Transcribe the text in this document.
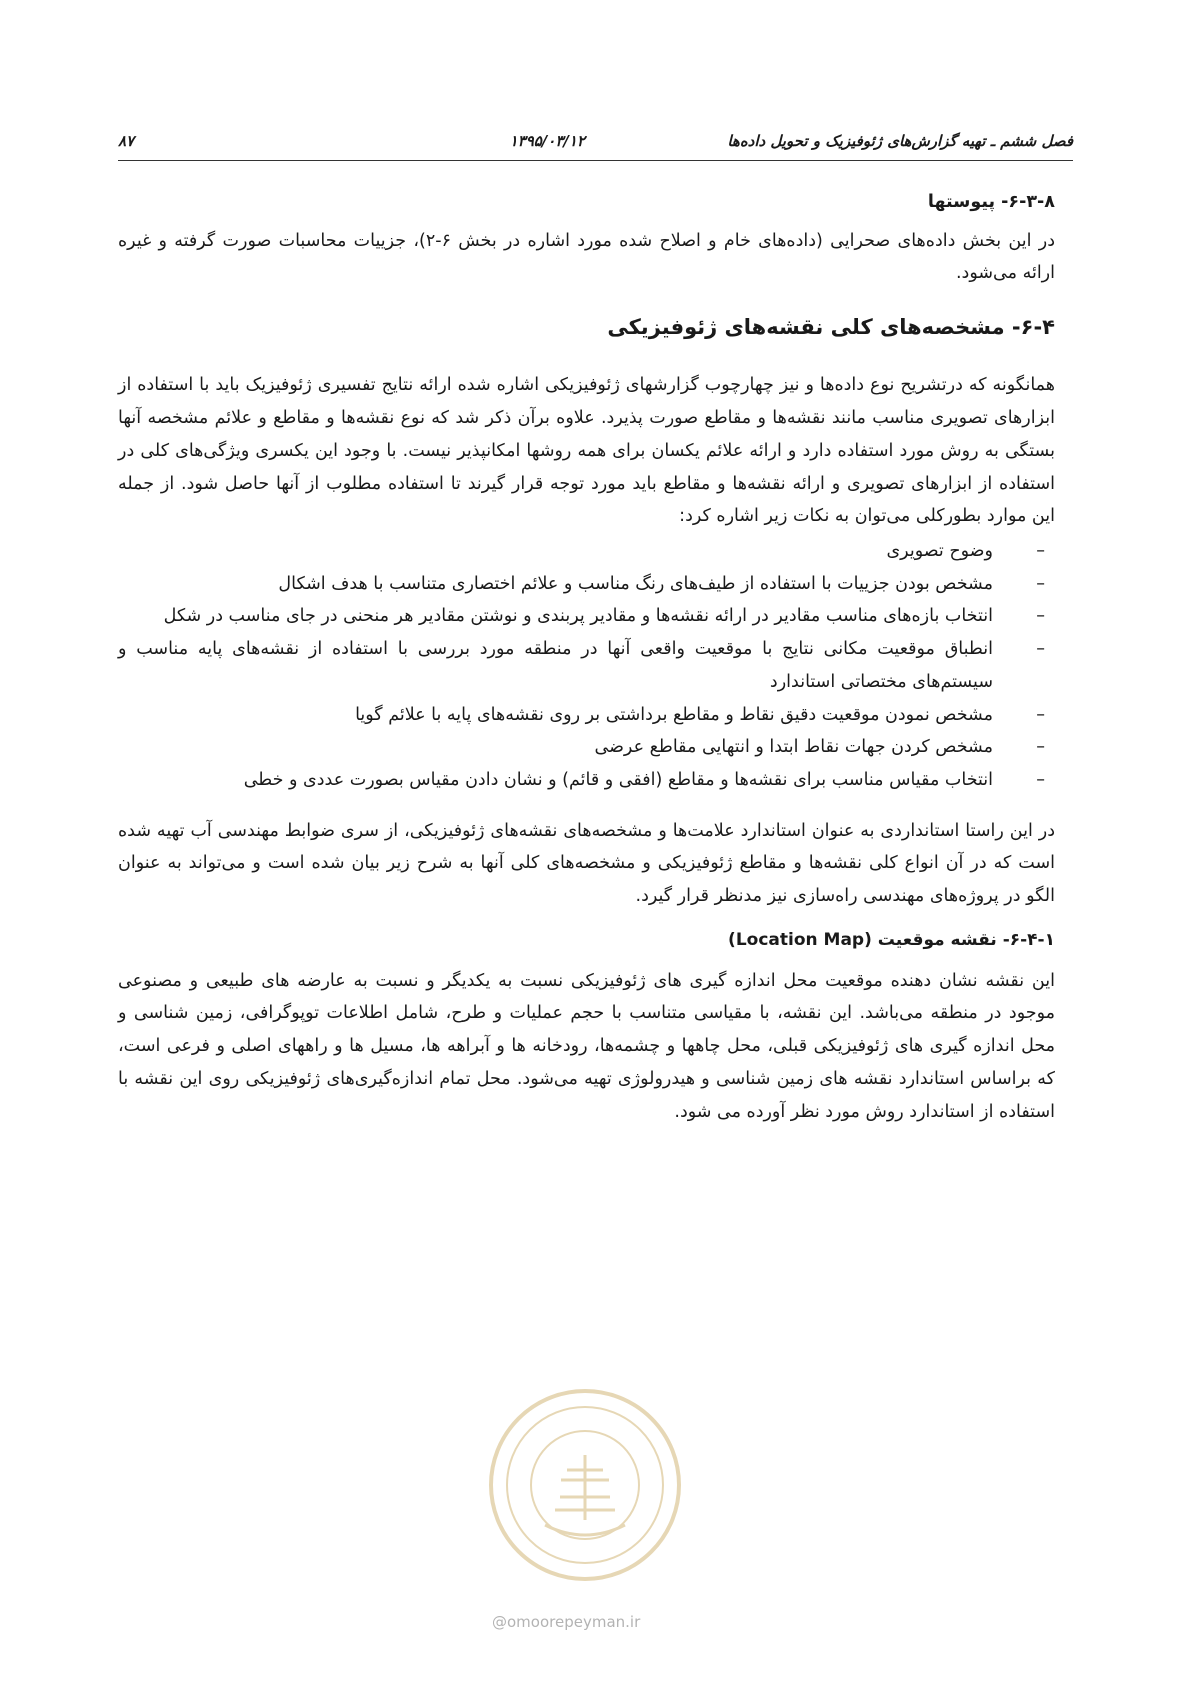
فصل ششم ـ تهیه گزارش‌های ژئوفیزیک و تحویل داده‌ها
۱۳۹۵/۰۳/۱۲
۸۷
۶-۳-۸- پیوستها

در این بخش داده‌های صحرایی (داده‌های خام و اصلاح شده مورد اشاره در بخش ۶-۲)، جزییات محاسبات صورت گرفته و غیره ارائه می‌شود.

۶-۴- مشخصه‌های کلی نقشه‌های ژئوفیزیکی

همانگونه که درتشریح نوع داده‌ها و نیز چهارچوب گزارشهای ژئوفیزیکی اشاره شده ارائه نتایج تفسیری ژئوفیزیک باید با استفاده از ابزارهای تصویری مناسب مانند نقشه‌ها و مقاطع صورت پذیرد. علاوه برآن ذکر شد که نوع نقشه‌ها و مقاطع و علائم مشخصه آنها بستگی به روش مورد استفاده دارد و ارائه علائم یکسان برای همه روشها امکانپذیر نیست. با وجود این یکسری ویژگی‌های کلی در استفاده از ابزارهای تصویری و ارائه نقشه‌ها و مقاطع باید مورد توجه قرار گیرند تا استفاده مطلوب از آنها حاصل شود. از جمله این موارد بطورکلی می‌توان به نکات زیر اشاره کرد:

– وضوح تصویری
– مشخص بودن جزییات با استفاده از طیف‌های رنگ مناسب و علائم اختصاری متناسب با هدف اشکال
– انتخاب بازه‌های مناسب مقادیر در ارائه نقشه‌ها و مقادیر پربندی و نوشتن مقادیر هر منحنی در جای مناسب در شکل
– انطباق موقعیت مکانی نتایج با موقعیت واقعی آنها در منطقه مورد بررسی با استفاده از نقشه‌های پایه مناسب و سیستم‌های مختصاتی استاندارد
– مشخص نمودن موقعیت دقیق نقاط و مقاطع برداشتی بر روی نقشه‌های پایه با علائم گویا
– مشخص کردن جهات نقاط ابتدا و انتهایی مقاطع عرضی
– انتخاب مقیاس مناسب برای نقشه‌ها و مقاطع (افقی و قائم) و نشان دادن مقیاس بصورت عددی و خطی

در این راستا استانداردی به عنوان استاندارد علامت‌ها و مشخصه‌های نقشه‌های ژئوفیزیکی، از سری ضوابط مهندسی آب تهیه شده است که در آن انواع کلی نقشه‌ها و مقاطع ژئوفیزیکی و مشخصه‌های کلی آنها به شرح زیر بیان شده است و می‌تواند به عنوان الگو در پروژه‌های مهندسی راه‌سازی نیز مدنظر قرار گیرد.

۶-۴-۱- نقشه موقعیت (Location Map)

این نقشه نشان دهنده موقعیت محل اندازه گیری های ژئوفیزیکی نسبت به یکدیگر و نسبت به عارضه های طبیعی و مصنوعی موجود در منطقه می‌باشد. این نقشه، با مقیاسی متناسب با حجم عملیات و طرح، شامل اطلاعات توپوگرافی، زمین شناسی و محل اندازه گیری های ژئوفیزیکی قبلی، محل چاهها و چشمه‌ها، رودخانه ها و آبراهه ها، مسیل ها و راههای اصلی و فرعی است، که براساس استاندارد نقشه های زمین شناسی و هیدرولوژی تهیه می‌شود. محل تمام اندازه‌گیری‌های ژئوفیزیکی روی این نقشه با استفاده از استاندارد روش مورد نظر آورده می شود.

@omoorepeyman.ir
